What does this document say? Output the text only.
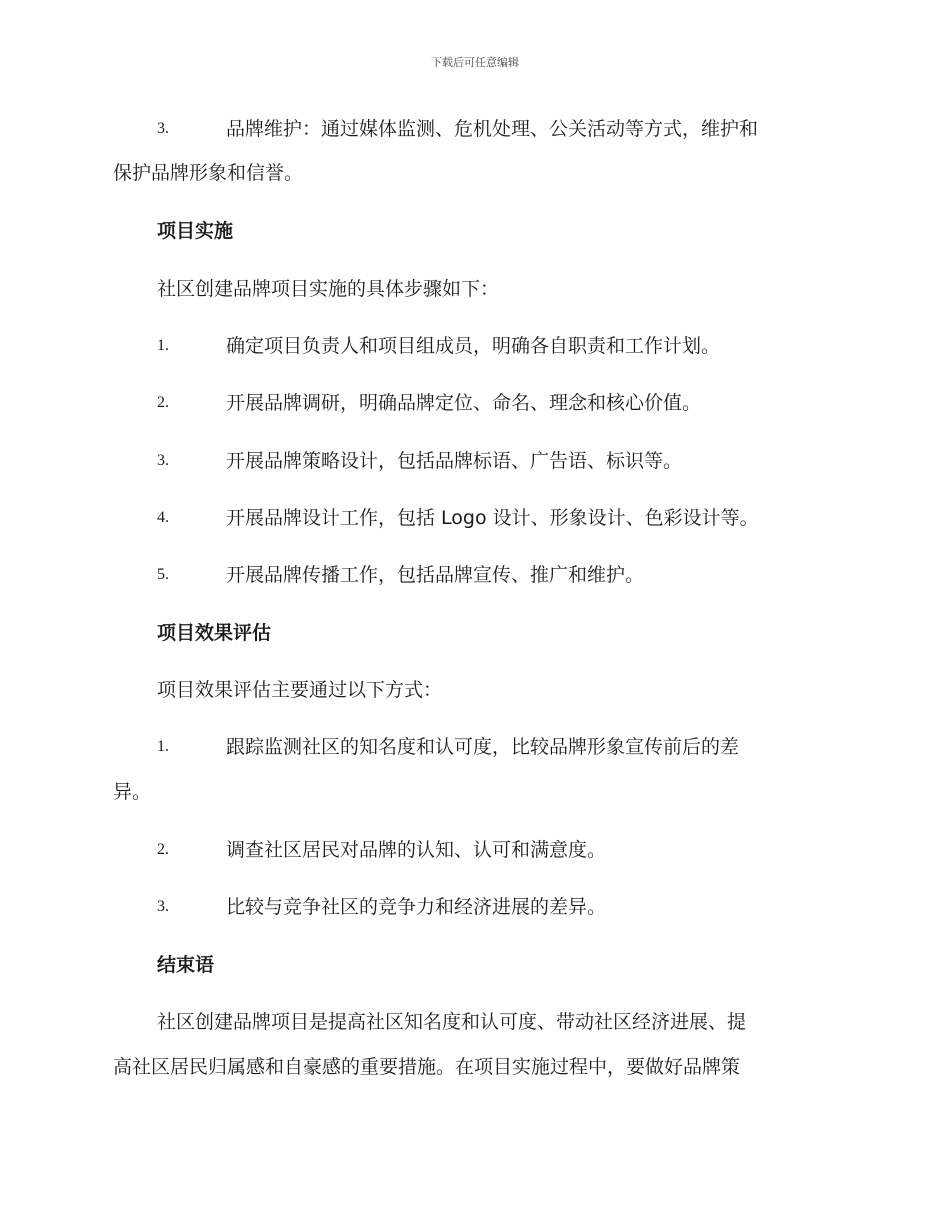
下载后可任意编辑
3.	品牌维护：通过媒体监测、危机处理、公关活动等方式，维护和
保护品牌形象和信誉。
项目实施
社区创建品牌项目实施的具体步骤如下：
1.	确定项目负责人和项目组成员，明确各自职责和工作计划。
2.	开展品牌调研，明确品牌定位、命名、理念和核心价值。
3.	开展品牌策略设计，包括品牌标语、广告语、标识等。
4.	开展品牌设计工作，包括 Logo 设计、形象设计、色彩设计等。
5.	开展品牌传播工作，包括品牌宣传、推广和维护。
项目效果评估
项目效果评估主要通过以下方式：
1.	跟踪监测社区的知名度和认可度，比较品牌形象宣传前后的差
异。
2.	调查社区居民对品牌的认知、认可和满意度。
3.	比较与竞争社区的竞争力和经济进展的差异。
结束语
社区创建品牌项目是提高社区知名度和认可度、带动社区经济进展、提
高社区居民归属感和自豪感的重要措施。在项目实施过程中，要做好品牌策
